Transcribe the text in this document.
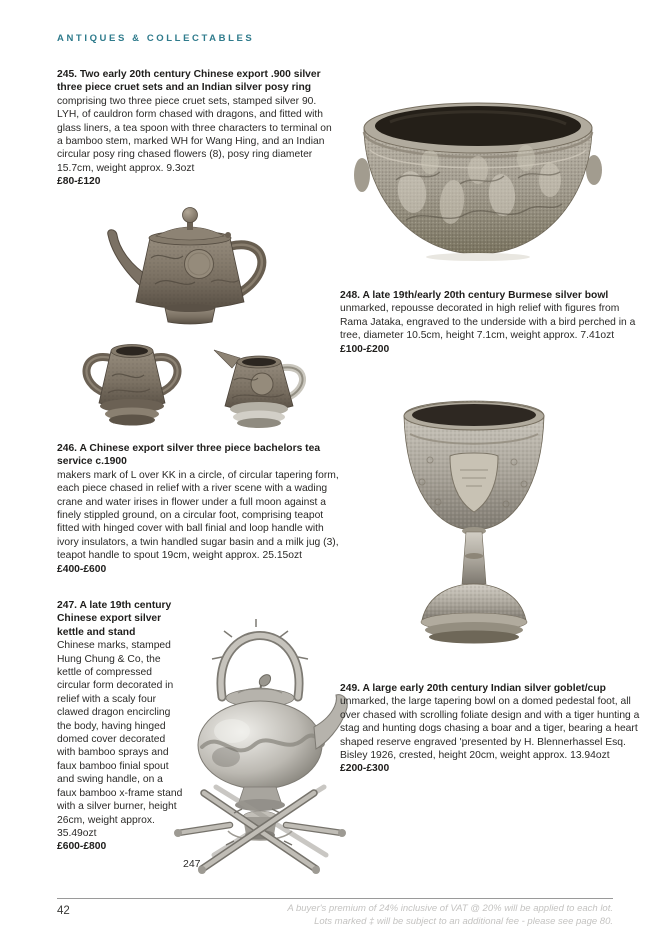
ANTIQUES & COLLECTABLES
245. Two early 20th century Chinese export .900 silver three piece cruet sets and an Indian silver posy ring

comprising two three piece cruet sets, stamped silver 90. LYH, of cauldron form chased with dragons, and fitted with glass liners, a tea spoon with three characters to terminal on a bamboo stem, marked WH for Wang Hing, and an Indian circular posy ring chased flowers (8), posy ring diameter 15.7cm, weight approx. 9.3ozt

£80-£120

246. A Chinese export silver three piece bachelors tea service c.1900

makers mark of L over KK in a circle, of circular tapering form, each piece chased in relief with a river scene with a wading crane and water irises in flower under a full moon against a finely stippled ground, on a circular foot, comprising teapot fitted with hinged cover with ball finial and loop handle with ivory insulators, a twin handled sugar basin and a milk jug (3), teapot handle to spout 19cm, weight approx. 25.15ozt

£400-£600

247. A late 19th century Chinese export silver kettle and stand

Chinese marks, stamped Hung Chung & Co, the kettle of compressed circular form decorated in relief with a scaly four clawed dragon encircling the body, having hinged domed cover decorated with bamboo sprays and faux bamboo finial spout and swing handle, on a faux bamboo x-frame stand with a silver burner, height 26cm, weight approx. 35.49ozt

£600-£800

247
248. A late 19th/early 20th century Burmese silver bowl

unmarked, repousse decorated in high relief with figures from Rama Jataka, engraved to the underside with a bird perched in a tree, diameter 10.5cm, height 7.1cm, weight approx. 7.41ozt

£100-£200

249. A large early 20th century Indian silver goblet/cup

unmarked, the large tapering bowl on a domed pedestal foot, all over chased with scrolling foliate design and with a tiger hunting a stag and hunting dogs chasing a boar and a tiger, bearing a heart shaped reserve engraved 'presented by H. Blennerhassel Esq. Bisley 1926, crested, height 20cm, weight approx. 13.94ozt

£200-£300

A buyer's premium of 24% inclusive of VAT @ 20% will be applied to each lot.
Lots marked ‡ will be subject to an additional fee - please see page 80.
42
